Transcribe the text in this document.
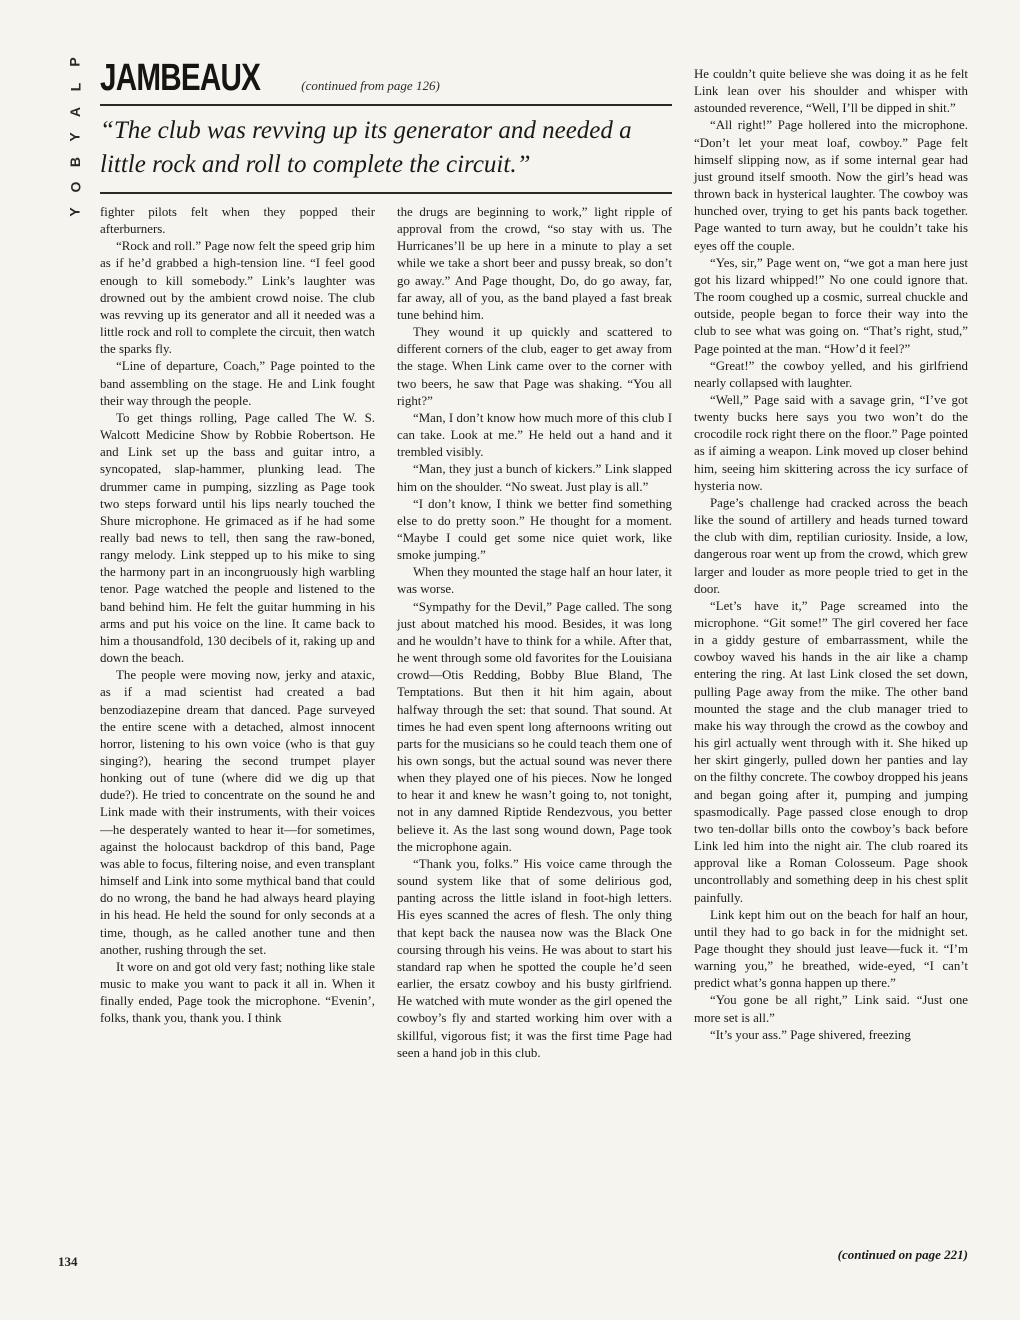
P
L
A
Y
B
O
Y
JAMBEAUX	(continued from page 126)
“The club was revving up its generator and needed a little rock and roll to complete the circuit.”

fighter pilots felt when they popped their afterburners.

“Rock and roll.” Page now felt the speed grip him as if he’d grabbed a high-tension line. “I feel good enough to kill somebody.” Link’s laughter was drowned out by the ambient crowd noise. The club was revving up its generator and all it needed was a little rock and roll to complete the circuit, then watch the sparks fly.

“Line of departure, Coach,” Page pointed to the band assembling on the stage. He and Link fought their way through the people.

To get things rolling, Page called The W. S. Walcott Medicine Show by Robbie Robertson. He and Link set up the bass and guitar intro, a syncopated, slap-hammer, plunking lead. The drummer came in pumping, sizzling as Page took two steps forward until his lips nearly touched the Shure microphone. He grimaced as if he had some really bad news to tell, then sang the raw-boned, rangy melody. Link stepped up to his mike to sing the harmony part in an incongruously high warbling tenor. Page watched the people and listened to the band behind him. He felt the guitar humming in his arms and put his voice on the line. It came back to him a thousandfold, 130 decibels of it, raking up and down the beach.

The people were moving now, jerky and ataxic, as if a mad scientist had created a bad benzodiazepine dream that danced. Page surveyed the entire scene with a detached, almost innocent horror, listening to his own voice (who is that guy singing?), hearing the second trumpet player honking out of tune (where did we dig up that dude?). He tried to concentrate on the sound he and Link made with their instruments, with their voices—he desperately wanted to hear it—for sometimes, against the holocaust backdrop of this band, Page was able to focus, filtering noise, and even transplant himself and Link into some mythical band that could do no wrong, the band he had always heard playing in his head. He held the sound for only seconds at a time, though, as he called another tune and then another, rushing through the set.

It wore on and got old very fast; nothing like stale music to make you want to pack it all in. When it finally ended, Page took the microphone. “Evenin’, folks, thank you, thank you. I think

the drugs are beginning to work,” light ripple of approval from the crowd, “so stay with us. The Hurricanes’ll be up here in a minute to play a set while we take a short beer and pussy break, so don’t go away.” And Page thought, Do, do go away, far, far away, all of you, as the band played a fast break tune behind him.

They wound it up quickly and scattered to different corners of the club, eager to get away from the stage. When Link came over to the corner with two beers, he saw that Page was shaking. “You all right?”

“Man, I don’t know how much more of this club I can take. Look at me.” He held out a hand and it trembled visibly.

“Man, they just a bunch of kickers.” Link slapped him on the shoulder. “No sweat. Just play is all.”

“I don’t know, I think we better find something else to do pretty soon.” He thought for a moment. “Maybe I could get some nice quiet work, like smoke jumping.”

When they mounted the stage half an hour later, it was worse.

“Sympathy for the Devil,” Page called. The song just about matched his mood. Besides, it was long and he wouldn’t have to think for a while. After that, he went through some old favorites for the Louisiana crowd—Otis Redding, Bobby Blue Bland, The Temptations. But then it hit him again, about halfway through the set: that sound. That sound. At times he had even spent long afternoons writing out parts for the musicians so he could teach them one of his own songs, but the actual sound was never there when they played one of his pieces. Now he longed to hear it and knew he wasn’t going to, not tonight, not in any damned Riptide Rendezvous, you better believe it. As the last song wound down, Page took the microphone again.

“Thank you, folks.” His voice came through the sound system like that of some delirious god, panting across the little island in foot-high letters. His eyes scanned the acres of flesh. The only thing that kept back the nausea now was the Black One coursing through his veins. He was about to start his standard rap when he spotted the couple he’d seen earlier, the ersatz cowboy and his busty girlfriend. He watched with mute wonder as the girl opened the cowboy’s fly and started working him over with a skillful, vigorous fist; it was the first time Page had seen a hand job in this club.

He couldn’t quite believe she was doing it as he felt Link lean over his shoulder and whisper with astounded reverence, “Well, I’ll be dipped in shit.”

“All right!” Page hollered into the microphone. “Don’t let your meat loaf, cowboy.” Page felt himself slipping now, as if some internal gear had just ground itself smooth. Now the girl’s head was thrown back in hysterical laughter. The cowboy was hunched over, trying to get his pants back together. Page wanted to turn away, but he couldn’t take his eyes off the couple.

“Yes, sir,” Page went on, “we got a man here just got his lizard whipped!” No one could ignore that. The room coughed up a cosmic, surreal chuckle and outside, people began to force their way into the club to see what was going on. “That’s right, stud,” Page pointed at the man. “How’d it feel?”

“Great!” the cowboy yelled, and his girlfriend nearly collapsed with laughter.

“Well,” Page said with a savage grin, “I’ve got twenty bucks here says you two won’t do the crocodile rock right there on the floor.” Page pointed as if aiming a weapon. Link moved up closer behind him, seeing him skittering across the icy surface of hysteria now.

Page’s challenge had cracked across the beach like the sound of artillery and heads turned toward the club with dim, reptilian curiosity. Inside, a low, dangerous roar went up from the crowd, which grew larger and louder as more people tried to get in the door.

“Let’s have it,” Page screamed into the microphone. “Git some!” The girl covered her face in a giddy gesture of embarrassment, while the cowboy waved his hands in the air like a champ entering the ring. At last Link closed the set down, pulling Page away from the mike. The other band mounted the stage and the club manager tried to make his way through the crowd as the cowboy and his girl actually went through with it. She hiked up her skirt gingerly, pulled down her panties and lay on the filthy concrete. The cowboy dropped his jeans and began going after it, pumping and jumping spasmodically. Page passed close enough to drop two ten-dollar bills onto the cowboy’s back before Link led him into the night air. The club roared its approval like a Roman Colosseum. Page shook uncontrollably and something deep in his chest split painfully.

Link kept him out on the beach for half an hour, until they had to go back in for the midnight set. Page thought they should just leave—fuck it. “I’m warning you,” he breathed, wide-eyed, “I can’t predict what’s gonna happen up there.”

“You gone be all right,” Link said. “Just one more set is all.”

“It’s your ass.” Page shivered, freezing

134	(continued on page 221)
